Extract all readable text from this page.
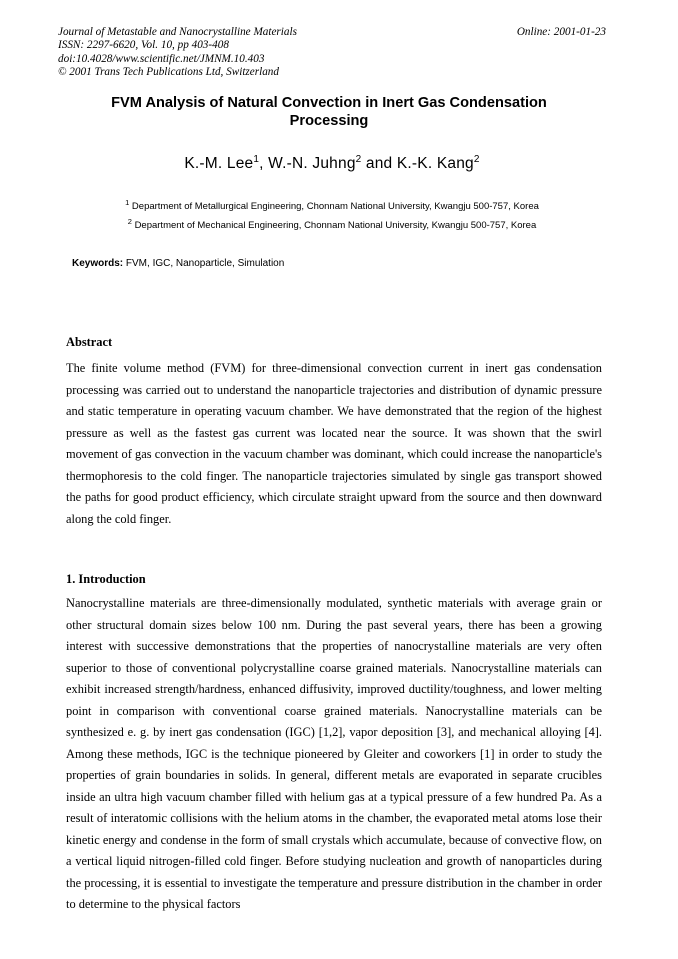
Journal of Metastable and Nanocrystalline Materials
ISSN: 2297-6620, Vol. 10, pp 403-408
doi:10.4028/www.scientific.net/JMNM.10.403
© 2001 Trans Tech Publications Ltd, Switzerland
Online: 2001-01-23
FVM Analysis of Natural Convection in Inert Gas Condensation Processing
K.-M. Lee$^1$, W.-N. Juhng$^2$ and K.-K. Kang$^2$
$^1$ Department of Metallurgical Engineering, Chonnam National University, Kwangju 500-757, Korea
$^2$ Department of Mechanical Engineering, Chonnam National University, Kwangju 500-757, Korea
Keywords: FVM, IGC, Nanoparticle, Simulation
Abstract
The finite volume method (FVM) for three-dimensional convection current in inert gas condensation processing was carried out to understand the nanoparticle trajectories and distribution of dynamic pressure and static temperature in operating vacuum chamber. We have demonstrated that the region of the highest pressure as well as the fastest gas current was located near the source. It was shown that the swirl movement of gas convection in the vacuum chamber was dominant, which could increase the nanoparticle's thermophoresis to the cold finger. The nanoparticle trajectories simulated by single gas transport showed the paths for good product efficiency, which circulate straight upward from the source and then downward along the cold finger.
1. Introduction
Nanocrystalline materials are three-dimensionally modulated, synthetic materials with average grain or other structural domain sizes below 100 nm. During the past several years, there has been a growing interest with successive demonstrations that the properties of nanocrystalline materials are very often superior to those of conventional polycrystalline coarse grained materials. Nanocrystalline materials can exhibit increased strength/hardness, enhanced diffusivity, improved ductility/toughness, and lower melting point in comparison with conventional coarse grained materials. Nanocrystalline materials can be synthesized e. g. by inert gas condensation (IGC) [1,2], vapor deposition [3], and mechanical alloying [4]. Among these methods, IGC is the technique pioneered by Gleiter and coworkers [1] in order to study the properties of grain boundaries in solids. In general, different metals are evaporated in separate crucibles inside an ultra high vacuum chamber filled with helium gas at a typical pressure of a few hundred Pa. As a result of interatomic collisions with the helium atoms in the chamber, the evaporated metal atoms lose their kinetic energy and condense in the form of small crystals which accumulate, because of convective flow, on a vertical liquid nitrogen-filled cold finger. Before studying nucleation and growth of nanoparticles during the processing, it is essential to investigate the temperature and pressure distribution in the chamber in order to determine to the physical factors
